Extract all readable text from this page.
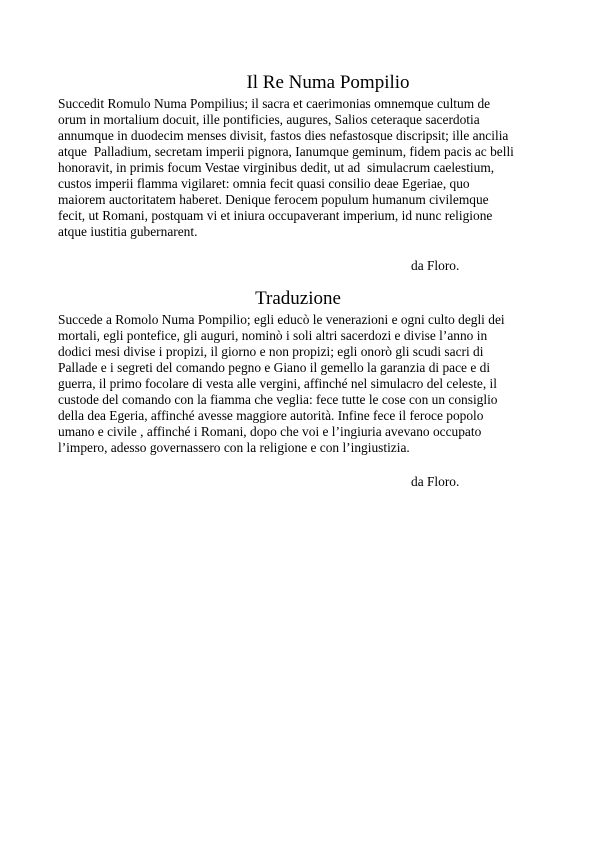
Il Re Numa Pompilio

Succedit Romulo Numa Pompilius; il sacra et caerimonias omnemque cultum de

orum in mortalium docuit, ille pontificies, augures, Salios ceteraque sacerdotia

annumque in duodecim menses divisit, fastos dies nefastosque discripsit; ille ancilia

atque  Palladium, secretam imperii pignora, Ianumque geminum, fidem pacis ac belli

honoravit, in primis focum Vestae virginibus dedit, ut ad  simulacrum caelestium,

custos imperii flamma vigilaret: omnia fecit quasi consilio deae Egeriae, quo

maiorem auctoritatem haberet. Denique ferocem populum humanum civilemque

fecit, ut Romani, postquam vi et iniura occupaverant imperium, id nunc religione

atque iustitia gubernarent.

da Floro.
Traduzione

Succede a Romolo Numa Pompilio; egli educò le venerazioni e ogni culto degli dei

mortali, egli pontefice, gli auguri, nominò i soli altri sacerdozi e divise l’anno in

dodici mesi divise i propizi, il giorno e non propizi; egli onorò gli scudi sacri di

Pallade e i segreti del comando pegno e Giano il gemello la garanzia di pace e di

guerra, il primo focolare di vesta alle vergini, affinché nel simulacro del celeste, il

custode del comando con la fiamma che veglia: fece tutte le cose con un consiglio

della dea Egeria, affinché avesse maggiore autorità. Infine fece il feroce popolo

umano e civile , affinché i Romani, dopo che voi e l’ingiuria avevano occupato

l’impero, adesso governassero con la religione e con l’ingiustizia.

da Floro.
